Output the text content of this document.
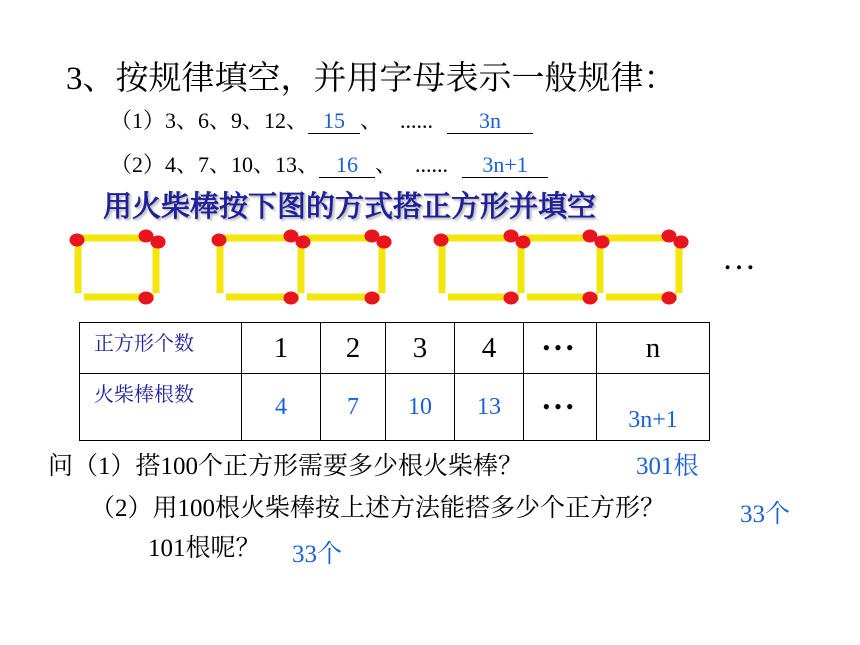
3、按规律填空，并用字母表示一般规律：
（1）3、6、9、12、 15 、 ...... 3n
（2）4、7、10、13、 16 、 ...... 3n+1
用火柴棒按下图的方式搭正方形并填空
…
正方形个数	1	2	3	4	•••	n
火柴棒根数	4	7	10	13	•••	3n+1
问（1）搭100个正方形需要多少根火柴棒？	301根
（2）用100根火柴棒按上述方法能搭多少个正方形？	33个
101根呢？ 33个
